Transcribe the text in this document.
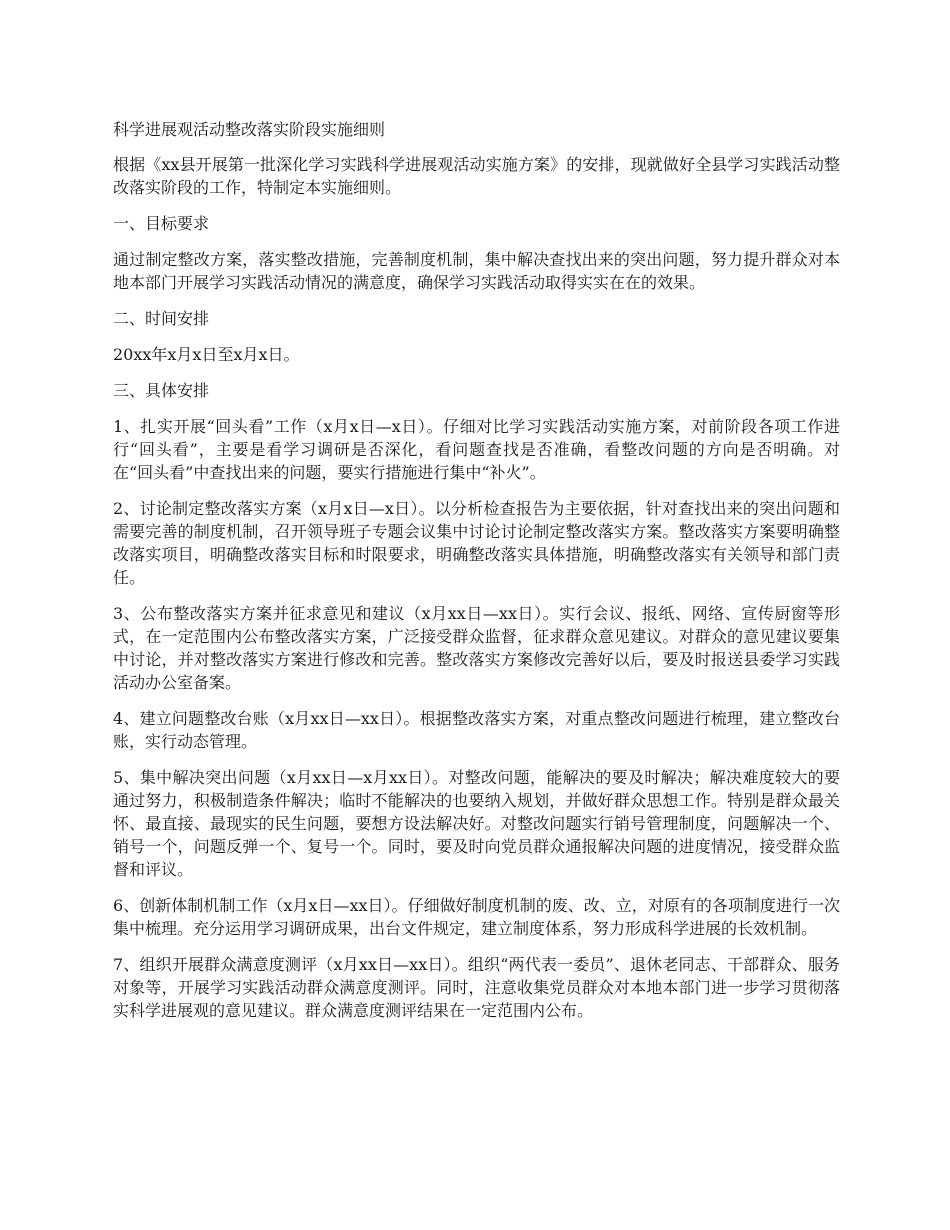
科学进展观活动整改落实阶段实施细则

根据《xx县开展第一批深化学习实践科学进展观活动实施方案》的安排，现就做好全县学习实践活动整改落实阶段的工作，特制定本实施细则。

一、目标要求

通过制定整改方案，落实整改措施，完善制度机制，集中解决查找出来的突出问题，努力提升群众对本地本部门开展学习实践活动情况的满意度，确保学习实践活动取得实实在在的效果。

二、时间安排

20xx年x月x日至x月x日。

三、具体安排

1、扎实开展“回头看”工作（x月x日—x日）。仔细对比学习实践活动实施方案，对前阶段各项工作进行“回头看”，主要是看学习调研是否深化，看问题查找是否准确，看整改问题的方向是否明确。对在“回头看”中查找出来的问题，要实行措施进行集中“补火”。

2、讨论制定整改落实方案（x月x日—x日）。以分析检查报告为主要依据，针对查找出来的突出问题和需要完善的制度机制，召开领导班子专题会议集中讨论讨论制定整改落实方案。整改落实方案要明确整改落实项目，明确整改落实目标和时限要求，明确整改落实具体措施，明确整改落实有关领导和部门责任。

3、公布整改落实方案并征求意见和建议（x月xx日—xx日）。实行会议、报纸、网络、宣传厨窗等形式，在一定范围内公布整改落实方案，广泛接受群众监督，征求群众意见建议。对群众的意见建议要集中讨论，并对整改落实方案进行修改和完善。整改落实方案修改完善好以后，要及时报送县委学习实践活动办公室备案。

4、建立问题整改台账（x月xx日—xx日）。根据整改落实方案，对重点整改问题进行梳理，建立整改台账，实行动态管理。

5、集中解决突出问题（x月xx日—x月xx日）。对整改问题，能解决的要及时解决；解决难度较大的要通过努力，积极制造条件解决；临时不能解决的也要纳入规划，并做好群众思想工作。特别是群众最关怀、最直接、最现实的民生问题，要想方设法解决好。对整改问题实行销号管理制度，问题解决一个、销号一个，问题反弹一个、复号一个。同时，要及时向党员群众通报解决问题的进度情况，接受群众监督和评议。

6、创新体制机制工作（x月x日—xx日）。仔细做好制度机制的废、改、立，对原有的各项制度进行一次集中梳理。充分运用学习调研成果，出台文件规定，建立制度体系，努力形成科学进展的长效机制。

7、组织开展群众满意度测评（x月xx日—xx日）。组织“两代表一委员”、退休老同志、干部群众、服务对象等，开展学习实践活动群众满意度测评。同时，注意收集党员群众对本地本部门进一步学习贯彻落实科学进展观的意见建议。群众满意度测评结果在一定范围内公布。
